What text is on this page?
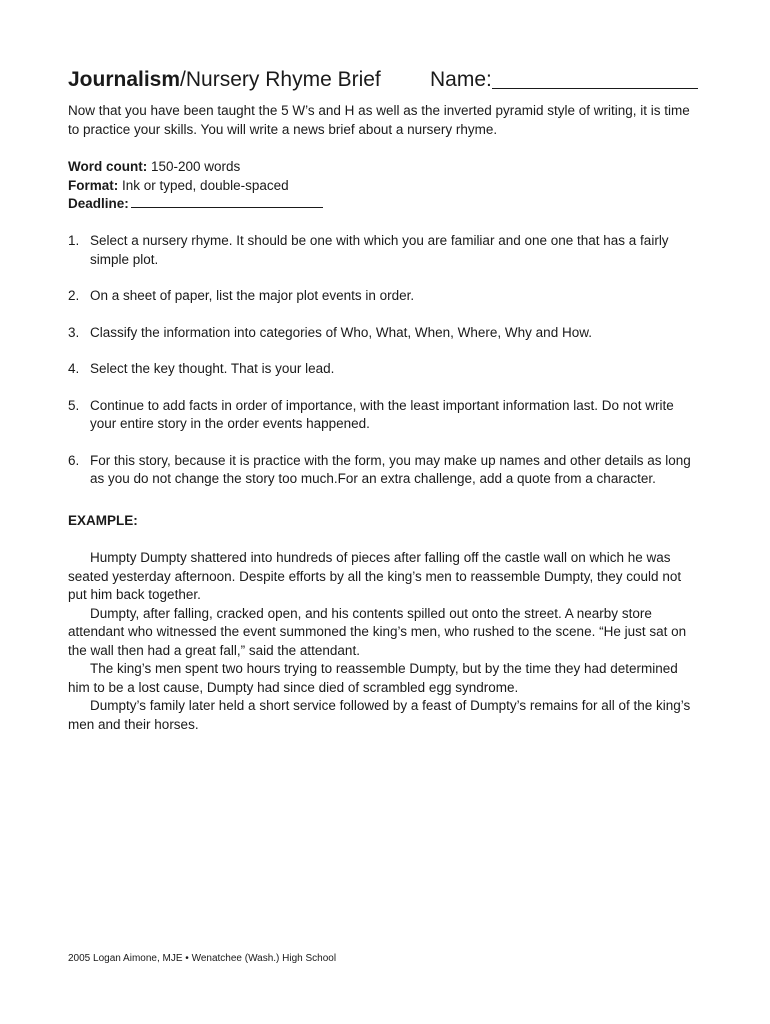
Journalism/Nursery Rhyme Brief Name:
Now that you have been taught the 5 W’s and H as well as the inverted pyramid style of writing, it is time to practice your skills. You will write a news brief about a nursery rhyme.
Word count: 150-200 words
Format: Ink or typed, double-spaced
Deadline:
1. Select a nursery rhyme. It should be one with which you are familiar and one one that has a fairly simple plot.
2. On a sheet of paper, list the major plot events in order.
3. Classify the information into categories of Who, What, When, Where, Why and How.
4. Select the key thought. That is your lead.
5. Continue to add facts in order of importance, with the least important information last. Do not write your entire story in the order events happened.
6. For this story, because it is practice with the form, you may make up names and other details as long as you do not change the story too much.For an extra challenge, add a quote from a character.
EXAMPLE:

Humpty Dumpty shattered into hundreds of pieces after falling off the castle wall on which he was seated yesterday afternoon. Despite efforts by all the king’s men to reassemble Dumpty, they could not put him back together.

Dumpty, after falling, cracked open, and his contents spilled out onto the street. A nearby store attendant who witnessed the event summoned the king’s men, who rushed to the scene. “He just sat on the wall then had a great fall,” said the attendant.

The king’s men spent two hours trying to reassemble Dumpty, but by the time they had determined him to be a lost cause, Dumpty had since died of scrambled egg syndrome.

Dumpty’s family later held a short service followed by a feast of Dumpty’s remains for all of the king’s men and their horses.

2005 Logan Aimone, MJE • Wenatchee (Wash.) High School
